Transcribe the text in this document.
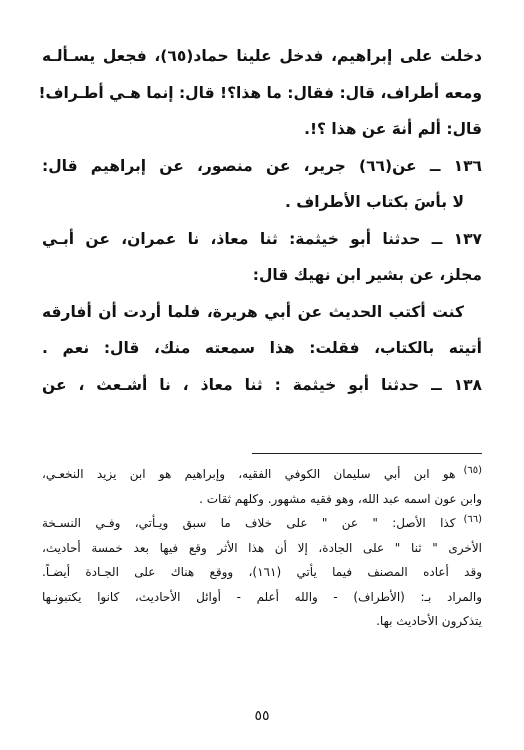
دخلت على إبراهيم، فدخل علينا حماد(٦٥)، فجعل يسـألـه
ومعه أطراف، قال: فقال: ما هذا؟! قال: إنما هـي أطـراف!
قال: ألم أنهَ عن هذا ؟!.
١٣٦ ــ عن(٦٦) جرير، عن منصور، عن إبراهيم قال:
لا بأسَ بكتاب الأطراف .
١٣٧ ــ حدثنا أبو خيثمة: ثنا معاذ، نا عمران، عن أبـي
مجلز، عن بشير ابن نهيك قال:
كنت أكتب الحديث عن أبي هريرة، فلما أردت أن أفارقه
أتيته بالكتاب، فقلت: هذا سمعته منك، قال: نعم .
١٣٨ ــ حدثنا أبو خيثمة : ثنا معاذ ، نا أشـعث ، عن
(٦٥)هو ابن أبي سليمان الكوفي الفقيه، وإبراهيم هو ابن يزيد النخعـي،
وابن عون اسمه عبد الله، وهو فقيه مشهور. وكلهم ثقات .
(٦٦)كذا الأصل: " عن " على خلاف ما سبق ويـأتي، وفـي النسـخة
الأخرى " ثنا " على الجادة، إلا أن هذا الأثر وقع فيها بعد خمسة أحاديث،
وقد أعاده المصنف فيما يأتي (١٦١)، ووقع هناك على الجـادة أيضـاً.
والمراد بـ: (الأطراف) - والله أعلم - أوائل الأحاديث، كانوا يكتبونـها
يتذكرون الأحاديث بها.
٥٥
